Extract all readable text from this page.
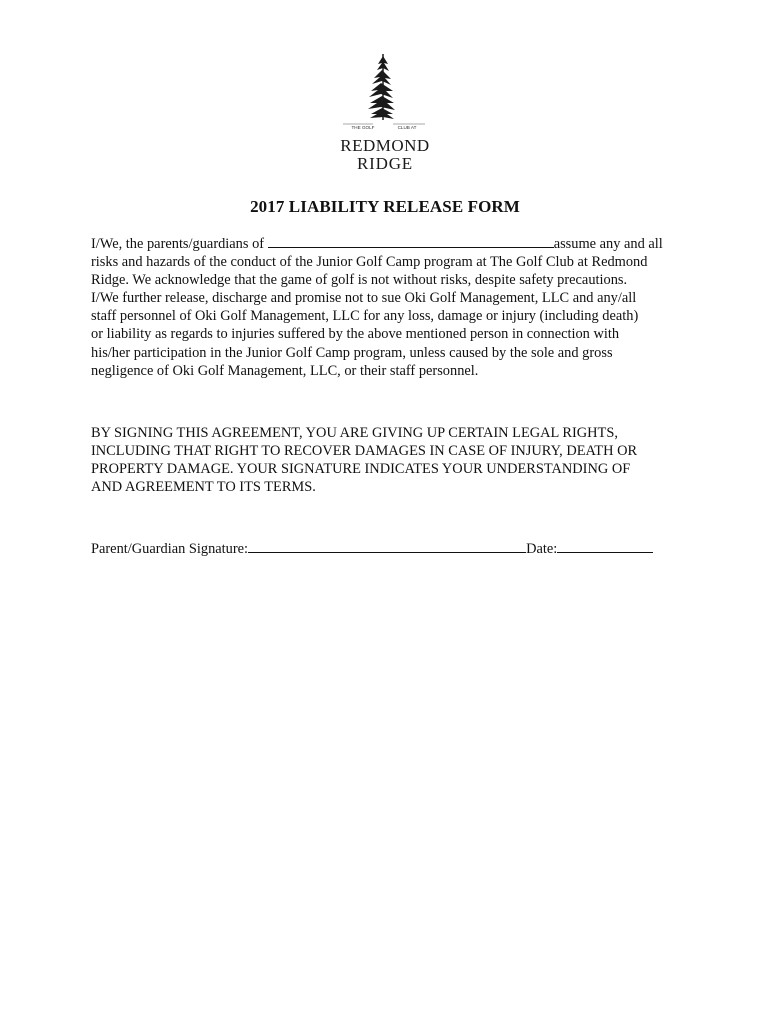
THE GOLF	CLUB AT
REDMOND
RIDGE
2017 LIABILITY RELEASE FORM
I/We, the parents/guardians of	assume any and all
risks and hazards of the conduct of the Junior Golf Camp program at The Golf Club at Redmond
Ridge. We acknowledge that the game of golf is not without risks, despite safety precautions.
I/We further release, discharge and promise not to sue Oki Golf Management, LLC and any/all
staff personnel of Oki Golf Management, LLC for any loss, damage or injury (including death)
or liability as regards to injuries suffered by the above mentioned person in connection with
his/her participation in the Junior Golf Camp program, unless caused by the sole and gross
negligence of Oki Golf Management, LLC, or their staff personnel.
BY SIGNING THIS AGREEMENT, YOU ARE GIVING UP CERTAIN LEGAL RIGHTS,
INCLUDING THAT RIGHT TO RECOVER DAMAGES IN CASE OF INJURY, DEATH OR
PROPERTY DAMAGE. YOUR SIGNATURE INDICATES YOUR UNDERSTANDING OF
AND AGREEMENT TO ITS TERMS.
Parent/Guardian Signature:	Date:
